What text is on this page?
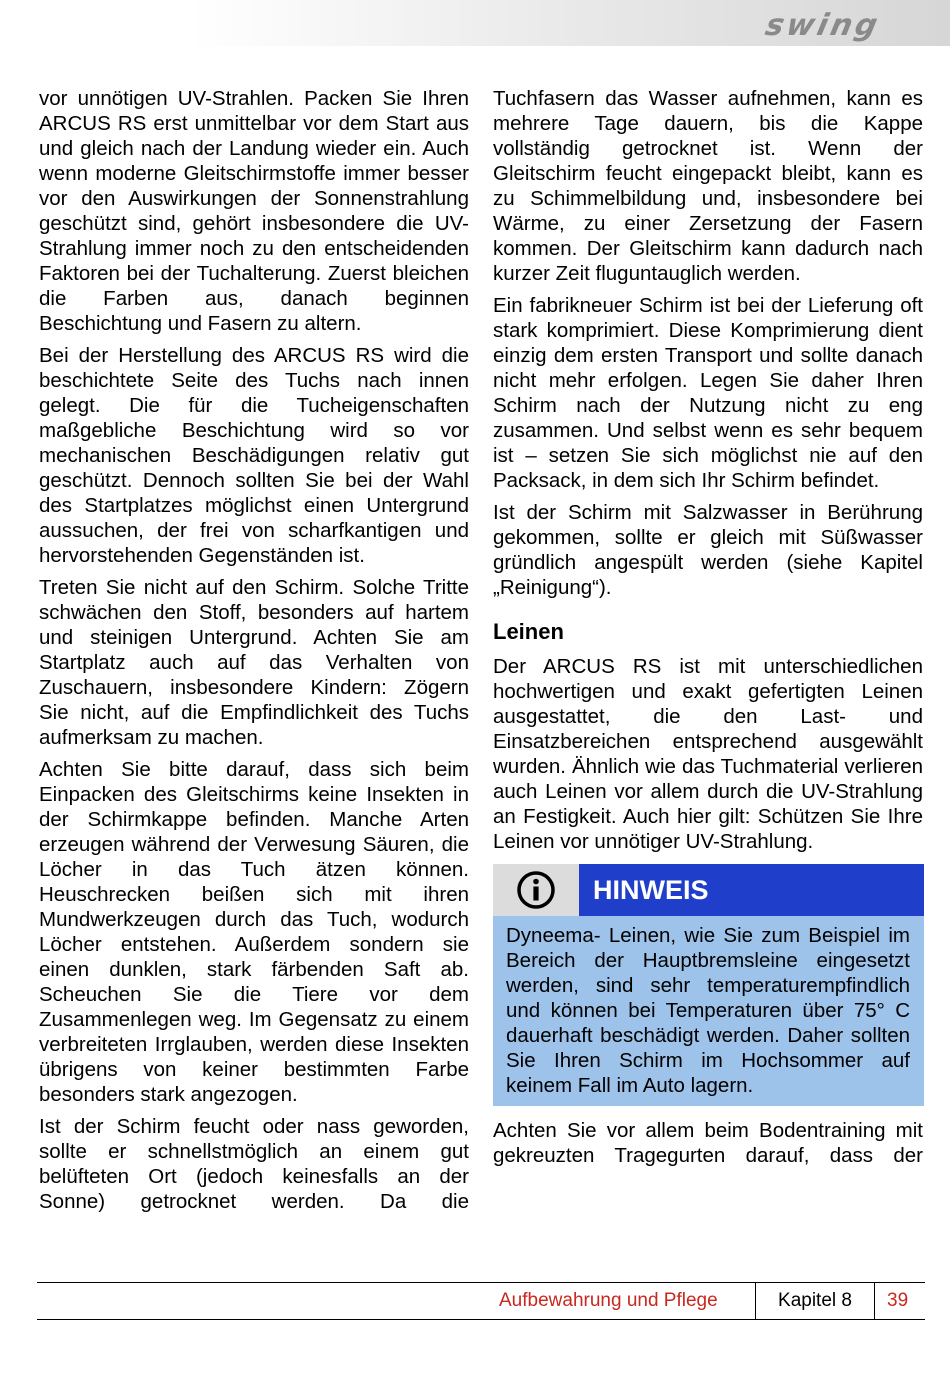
swing

vor unnötigen UV-Strahlen. Packen Sie Ihren ARCUS RS erst unmittelbar vor dem Start aus und gleich nach der Landung wieder ein. Auch wenn moderne Gleitschirmstoffe immer besser vor den Auswirkungen der Sonnenstrahlung geschützt sind, gehört insbesondere die UV-Strahlung immer noch zu den entscheidenden Faktoren bei der Tuchalterung. Zuerst bleichen die Farben aus, danach beginnen Beschichtung und Fasern zu altern.

Bei der Herstellung des ARCUS RS wird die beschichtete Seite des Tuchs nach innen gelegt. Die für die Tucheigenschaften maßgebliche Beschichtung wird so vor mechanischen Beschädigungen relativ gut geschützt. Dennoch sollten Sie bei der Wahl des Startplatzes möglichst einen Untergrund aussuchen, der frei von scharfkantigen und hervorstehenden Gegenständen ist.

Treten Sie nicht auf den Schirm. Solche Tritte schwächen den Stoff, besonders auf hartem und steinigen Untergrund. Achten Sie am Startplatz auch auf das Verhalten von Zuschauern, insbesondere Kindern: Zögern Sie nicht, auf die Empfindlichkeit des Tuchs aufmerksam zu machen.

Achten Sie bitte darauf, dass sich beim Einpacken des Gleitschirms keine Insekten in der Schirmkappe befinden. Manche Arten erzeugen während der Verwesung Säuren, die Löcher in das Tuch ätzen können. Heuschrecken beißen sich mit ihren Mundwerkzeugen durch das Tuch, wodurch Löcher entstehen. Außerdem sondern sie einen dunklen, stark färbenden Saft ab. Scheuchen Sie die Tiere vor dem Zusammenlegen weg. Im Gegensatz zu einem verbreiteten Irrglauben, werden diese Insekten übrigens von keiner bestimmten Farbe besonders stark angezogen.

Ist der Schirm feucht oder nass geworden, sollte er schnellstmöglich an einem gut belüfteten Ort (jedoch keinesfalls an der Sonne) getrocknet werden. Da die

Tuchfasern das Wasser aufnehmen, kann es mehrere Tage dauern, bis die Kappe vollständig getrocknet ist. Wenn der Gleitschirm feucht eingepackt bleibt, kann es zu Schimmelbildung und, insbesondere bei Wärme, zu einer Zersetzung der Fasern kommen. Der Gleitschirm kann dadurch nach kurzer Zeit fluguntauglich werden.

Ein fabrikneuer Schirm ist bei der Lieferung oft stark komprimiert. Diese Komprimierung dient einzig dem ersten Transport und sollte danach nicht mehr erfolgen. Legen Sie daher Ihren Schirm nach der Nutzung nicht zu eng zusammen. Und selbst wenn es sehr bequem ist – setzen Sie sich möglichst nie auf den Packsack, in dem sich Ihr Schirm befindet.

Ist der Schirm mit Salzwasser in Berührung gekommen, sollte er gleich mit Süßwasser gründlich angespült werden (siehe Kapitel „Reinigung“).

Leinen

Der ARCUS RS ist mit unterschiedlichen hochwertigen und exakt gefertigten Leinen ausgestattet, die den Last- und Einsatzbereichen entsprechend ausgewählt wurden. Ähnlich wie das Tuchmaterial verlieren auch Leinen vor allem durch die UV-Strahlung an Festigkeit. Auch hier gilt: Schützen Sie Ihre Leinen vor unnötiger UV-Strahlung.

HINWEIS
Dyneema- Leinen, wie Sie zum Beispiel im Bereich der Hauptbremsleine eingesetzt werden, sind sehr temperaturempfindlich und können bei Temperaturen über 75° C dauerhaft beschädigt werden. Daher sollten Sie Ihren Schirm im Hochsommer auf keinem Fall im Auto lagern.

Achten Sie vor allem beim Bodentraining mit gekreuzten Tragegurten darauf, dass der

Aufbewahrung und Pflege	Kapitel 8	39
